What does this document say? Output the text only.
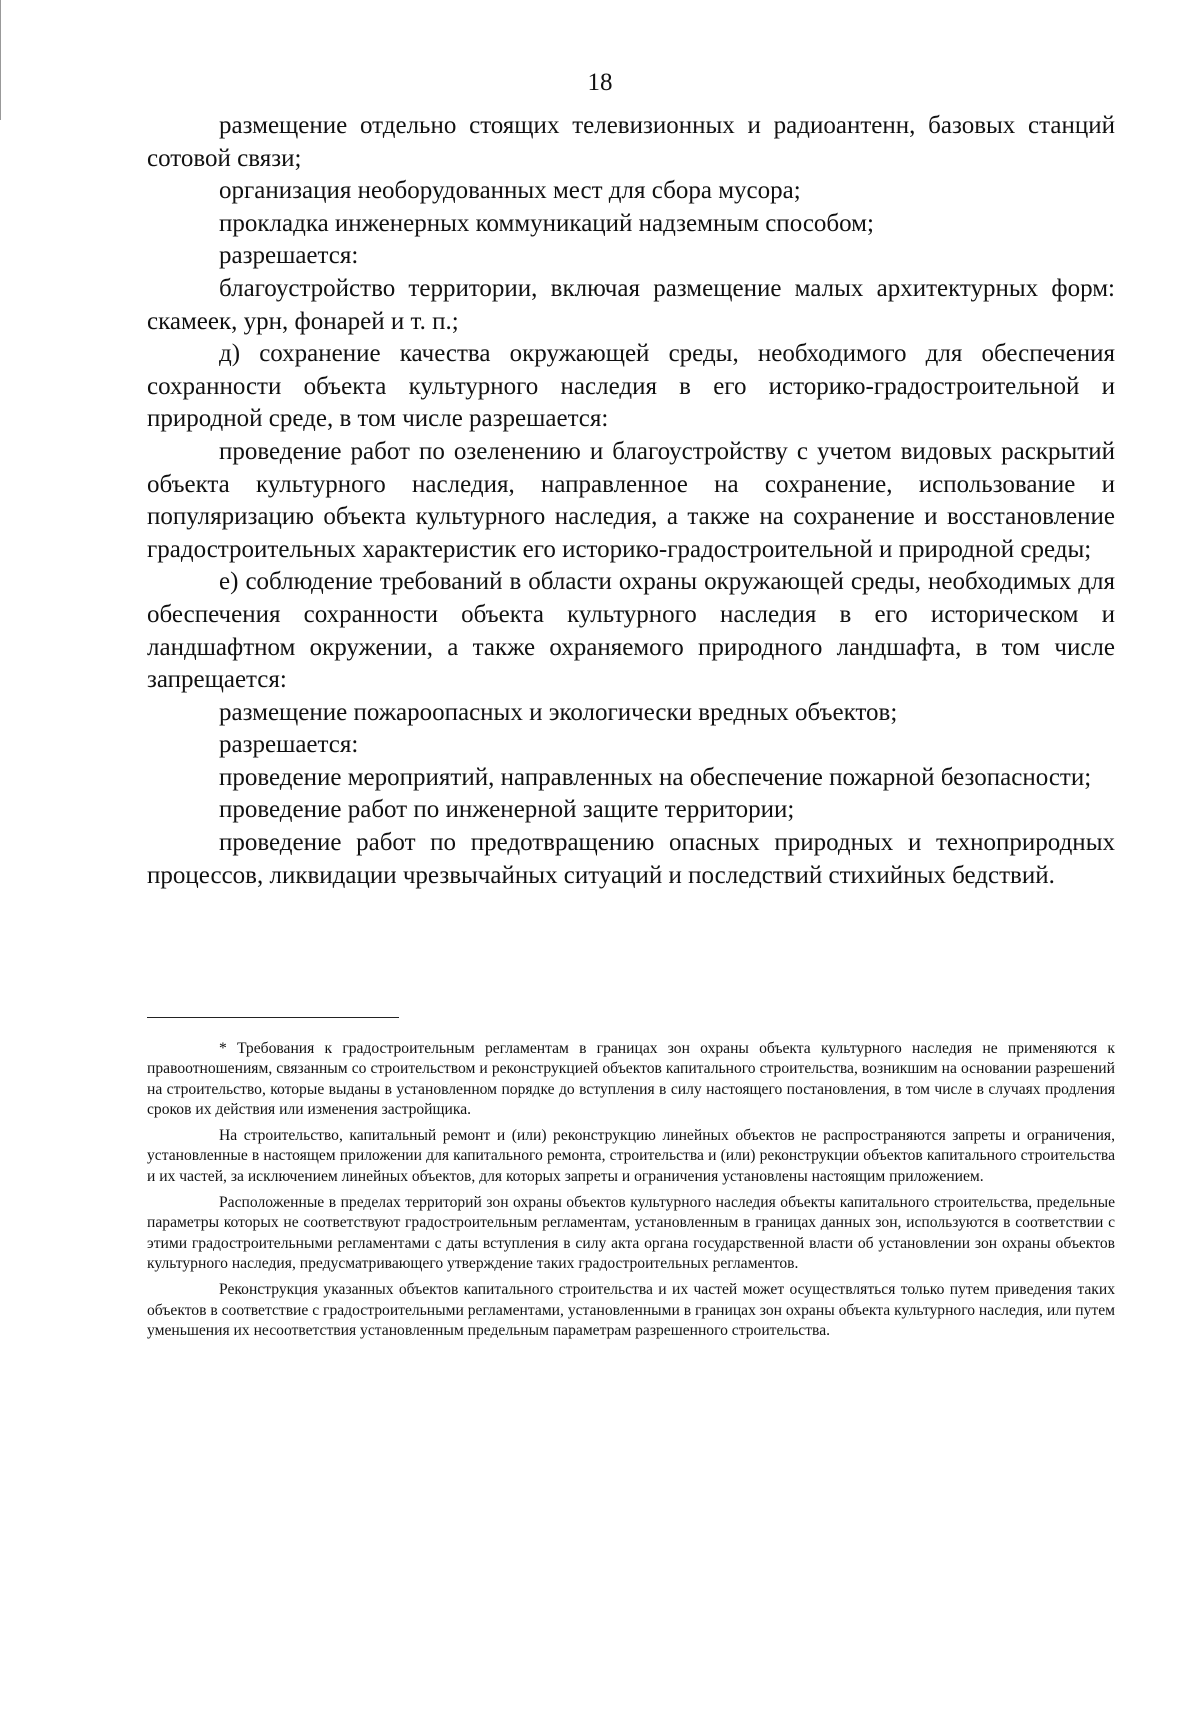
18

размещение отдельно стоящих телевизионных и радиоантенн, базовых станций сотовой связи;

организация необорудованных мест для сбора мусора;

прокладка инженерных коммуникаций надземным способом;

разрешается:

благоустройство территории, включая размещение малых архитектурных форм: скамеек, урн, фонарей и т. п.;

д) сохранение качества окружающей среды, необходимого для обеспечения сохранности объекта культурного наследия в его историко-градостроительной и природной среде, в том числе разрешается:

проведение работ по озеленению и благоустройству с учетом видовых раскрытий объекта культурного наследия, направленное на сохранение, использование и популяризацию объекта культурного наследия, а также на сохранение и восстановление градостроительных характеристик его историко-градостроительной и природной среды;

е) соблюдение требований в области охраны окружающей среды, необходимых для обеспечения сохранности объекта культурного наследия в его историческом и ландшафтном окружении, а также охраняемого природного ландшафта, в том числе запрещается:

размещение пожароопасных и экологически вредных объектов;

разрешается:

проведение мероприятий, направленных на обеспечение пожарной безопасности;

проведение работ по инженерной защите территории;

проведение работ по предотвращению опасных природных и техноприродных процессов, ликвидации чрезвычайных ситуаций и последствий стихийных бедствий.

* Требования к градостроительным регламентам в границах зон охраны объекта культурного наследия не применяются к правоотношениям, связанным со строительством и реконструкцией объектов капитального строительства, возникшим на основании разрешений на строительство, которые выданы в установленном порядке до вступления в силу настоящего постановления, в том числе в случаях продления сроков их действия или изменения застройщика.

На строительство, капитальный ремонт и (или) реконструкцию линейных объектов не распространяются запреты и ограничения, установленные в настоящем приложении для капитального ремонта, строительства и (или) реконструкции объектов капитального строительства и их частей, за исключением линейных объектов, для которых запреты и ограничения установлены настоящим приложением.

Расположенные в пределах территорий зон охраны объектов культурного наследия объекты капитального строительства, предельные параметры которых не соответствуют градостроительным регламентам, установленным в границах данных зон, используются в соответствии с этими градостроительными регламентами с даты вступления в силу акта органа государственной власти об установлении зон охраны объектов культурного наследия, предусматривающего утверждение таких градостроительных регламентов.

Реконструкция указанных объектов капитального строительства и их частей может осуществляться только путем приведения таких объектов в соответствие с градостроительными регламентами, установленными в границах зон охраны объекта культурного наследия, или путем уменьшения их несоответствия установленным предельным параметрам разрешенного строительства.
